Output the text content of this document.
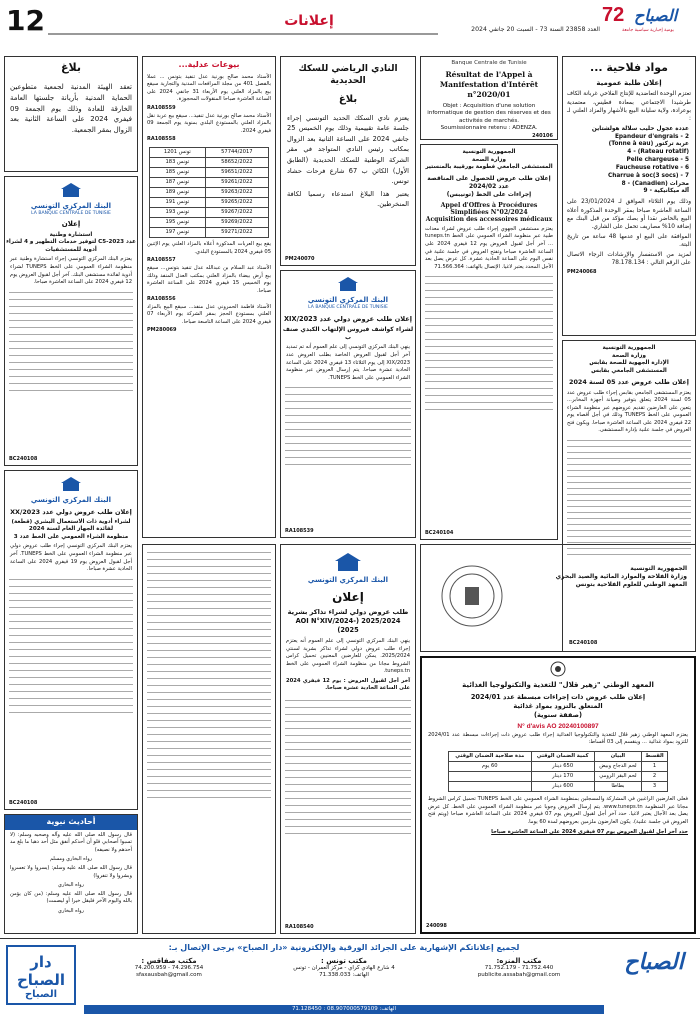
12	إعلانات
العدد 23858 السنة 73 - السبت 20 جانفي 2024
72 الصباح
يومية إخبارية سياسية جامعة
مواد فلاحية ...
إعلان طلبة عمومية
تعتزم الوحدة التعاضدية للإنتاج الفلاحي غربانة الكاف طرشيدا الاجتماعي بمعادة فطيس، معتمدية بوعرادة، ولاية سليانة البيع بالأشهار والمزاد العلني لـ :
عددة عجول حليب سلالة هولشتاين
Epandeur d'engrais - 2
عربة تركتور (Tonne à eau)
(Rateau rotatif) - 4
Pelle chargeuse - 5
Faucheuse rotative - 6
Charrue à soc(3 socs) - 7
محراث (Canadien) - 8
آلة ميكانيكية - 9
وذلك يوم الثلاثاء الموافق لـ 23/01/2024 على الساعة العاشرة صباحا بمقر الوحدة المذكورة أعلاه البيع بالحاضر نقدا أو بصك مؤكد من قبل البنك مع إضافة 10% مصاريف تحمل على الشاري.
الموافقة على البيع او عدمها 48 ساعة من تاريخ البتة.
لمزيد من الاستفسار والإرشادات الرجاء الاتصال على الرقم التالي : 78.178.134
PM240068
الجمهورية التونسية
وزارة الصحة
الإدارة الجهوية للصحة بقابس
المستشفى الجامعي بقابس
إعلان طلب عروض عدد 05 لسنة 2024
يعتزم المستشفى الجامعي بقابس إجراء طلب عروض عدد 05 لسنة 2024 يتعلق بتوفير وصيانة أجهزة المخابر... يتعين على العارضين تقديم عروضهم عبر منظومة الشراء العمومي على الخط TUNEPS وذلك في أجل أقصاه يوم 22 فيفري 2024 على الساعة العاشرة صباحا. ويكون فتح العروض في جلسة علنية بإدارة المستشفى.
BC240108
Banque Centrale de Tunisie
Résultat de l'Appel à Manifestation d'Intérêt n°2020/01
Objet : Acquisition d'une solution informatique de gestion des réserves et des activités de marchés.
Soumissionnaire retenu : ADENZA.
240106
الجمهورية التونسية
وزارة الصحة
المستشفى الجامعي فطومة بورقيبة بالمنستير
إعلان طلب عروض للحصول على المناقصة عدد 2024/02
إجراءات على الخط (تونيبس)
Appel d'Offres à Procédures Simplifiées N°02/2024
Acquisition des accessoires médicaux
يعتزم مستشفى الجهوي إجراء طلب عروض لشراء معدات طبية عبر منظومة الشراء العمومي على الخط tuneps.tn ... آخر أجل لقبول العروض يوم 12 فيفري 2024 على الساعة العاشرة صباحا وتفتح العروض في جلسة علنية في نفس اليوم على الساعة الحادية عشرة. كل عرض يصل بعد الأجل المحدد يعتبر لاغيا. الإتصال بالهاتف: 71.566.364
BC240104
النادي الرياضي للسكك الحديدية
بلاغ
يعتزم نادي السكك الحديد التونسي إجراء جلسة عامة تقييمية وذلك يوم الخميس 25 جانفي 2024 على الساعة الثانية بعد الزوال بمكاتب رئيس النادي المتواجد في مقر الشركة الوطنية للسكك الحديدية (الطابق الأول) الكائن ب 67 شارع فرحات حشاد تونس.
يعتبر هذا البلاغ استدعاء رسميا لكافة المنخرطين.
PM240070
بيوعات عدلية...
الأستاذ محمد صالح بورنية عدل تنفيذ بتونس ... عملا بالفصل 401 من مجلة المرافعات المدنية والتجارية سيقع بيع بالمزاد العلني يوم الأربعاء 31 جانفي 2024 على الساعة العاشرة صباحا المنقولات المحجوزة.
RA108559
الأستاذ محمد صالح بورنية عدل تنفيذ... سيقع بيع عربة نقل بالمزاد العلني بالمستودع البلدي بمنوبة يوم الجمعة 09 فيفري 2024.
RA108558
57744/2017	تونس 1201
58652/2022	تونس 183
59651/2022	تونس 185
59261/2022	تونس 187
59263/2022	تونس 189
59265/2022	تونس 191
59267/2022	تونس 193
59269/2022	تونس 195
59271/2022	تونس 197
يقع بيع العربات المذكورة أعلاه بالمزاد العلني يوم الإثنين 05 فيفري 2024 بالمستودع البلدي.
RA108557
الأستاذ عبد السلام بن عبدالله عدل تنفيذ بتونس... سيقع بيع أرض بيضاء بالمزاد العلني بمكتب العدل المنفذ وذلك يوم الخميس 15 فيفري 2024 على الساعة العاشرة صباحا.
RA108556
الأستاذ فاطمة الحمروني عدل منفذ... سيقع البيع بالمزاد العلني بمستودع الحجز بمقر الشركة يوم الأربعاء 07 فيفري 2024 على الساعة التاسعة صباحا.
PM280069
البنك المركزي التونسي
LA BANQUE CENTRALE DE TUNISIE
إعلان طلب عروض دولي عدد 2023/XIX
لشراء كواشف فيروس الإلتهاب الكبدي صنف ب
ينهي البنك المركزي التونسي إلى علم العموم أنه تم تمديد آخر أجل لقبول العروض الخاصة بطلب العروض عدد 2023/XIX إلى يوم الثلاثاء 13 فيفري 2024 على الساعة الحادية عشرة صباحا. يتم إرسال العروض عبر منظومة الشراء العمومي على الخط TUNEPS.
RA108539
البنك المركزي التونسي
إعلان
طلب عروض دولي لشراء تذاكر بشرية 2025/2024 (AOI N°XIV/2024-2025)
ينهي البنك المركزي التونسي إلى علم العموم أنه يعتزم إجراء طلب عروض دولي لشراء تذاكر بشرية لسنتي 2025/2024. يمكن للعارضين المعنيين تحميل كراس الشروط مجانا من منظومة الشراء العمومي على الخط tuneps.tn.
آخر أجل لقبول العروض : يوم 12 فيفري 2024 على الساعة الحادية عشرة صباحا.
RA108540
بلاغ
تعقد الهيئة المدنية لجمعية متطوعين الحماية المدنية بأريانة جلستها العامة الخارقة للعادة وذلك يوم الجمعة 09 فيفري 2024 على الساعة الثانية بعد الزوال بمقر الجمعية.
البنك المركزي التونسي
LA BANQUE CENTRALE DE TUNISIE
إعلان
استشارة وطنية
عدد C5-2023 لتوفير خدمات التطهير و 4 لشراء أدوية للمستشفيات
يعتزم البنك المركزي التونسي إجراء استشارة وطنية عبر منظومة الشراء العمومي على الخط TUNEPS لشراء أدوية لفائدة مستشفى البنك. آخر أجل لقبول العروض يوم 12 فيفري 2024 على الساعة العاشرة صباحا.
BC240108
البنك المركزي التونسي
إعلان طلب عروض دولي عدد 2023/XX
لشراء أدوية ذات الاستعمال البشري (قطعة) لفائدة الجهاز العام لسنة 2024
منظومة الشراء العمومي على الخط عدد 3
يعتزم البنك المركزي التونسي إجراء طلب عروض دولي عبر منظومة الشراء العمومي على الخط TUNEPS. آخر أجل لقبول العروض يوم 19 فيفري 2024 على الساعة الحادية عشرة صباحا.
BC240108
أحاديث نبوية
قال رسول الله صلى الله عليه وآله وصحبه وسلم: (لا تسبوا أصحابي فلو أن أحدكم أنفق مثل أحد ذهبا ما بلغ مد أحدهم ولا نصيفه)
رواه البخاري ومسلم
قال رسول الله صلى الله عليه وسلم: (يسروا ولا تعسروا وبشروا ولا تنفروا)
رواه البخاري
قال رسول الله صلى الله عليه وسلم: (من كان يؤمن بالله واليوم الآخر فليقل خيرا أو ليصمت)
رواه البخاري
المعهد الوطني "زهير قلال" للتغذية والتكنولوجيا الغذائية
إعلان طلب عروض ذات إجراءات مبسطة عدد 2024/01
المتعلق بالتزود بمواد غذائية
(صفقة سنوية)
N° d'avis AO 20240100897
يعتزم المعهد الوطني زهير قلال للتغذية والتكنولوجيا الغذائية إجراء طلب عروض ذات إجراءات مبسطة عدد 2024/01 للتزود بمواد غذائية ... وينقسم إلى 03 أقساط:
القسط	البيان	كمية الضمان الوقتي	مدة صلاحية الضمان الوقتي
1	لحم الدجاج وبيض	650 دينار	60 يوم
2	لحم البقر الرومي	170 دينار	
3	بطاطا	600 دينار	
فعلى العارضين الراغبين في المشاركة والمسجلين بمنظومة الشراء العمومي على الخط TUNEPS تحميل كراس الشروط مجانا عبر المنظومة www.tuneps.tn. يتم إرسال العروض وجوبا عبر منظومة الشراء العمومي على الخط. كل عرض يصل بعد الآجال يعتبر لاغيا. حدد آخر أجل لقبول العروض يوم 07 فيفري 2024 على الساعة العاشرة صباحا (ويتم فتح العروض في جلسة علنية). يكون العارضون ملزمين بعروضهم لمدة 60 يوما.
حدد آخر أجل لقبول العروض يوم 07 فيفري 2024 على الساعة العاشرة صباحا
240098
الجمهورية التونسية
وزارة الفلاحة والموارد المائية والصيد البحري
المعهد الوطني للعلوم الفلاحية بتونس
دار الصباح
الصباح
لجميع إعلاناتكم الإشهارية على الجرائد الورقية والإلكترونية «دار الصباح» يرجى الإتصال بـ:
مكتب المنزه:
71.752.440 - 71.752.179
publicite.assabah@gmail.com
مكتب تونس :
4 شارع الهادي كراي - مركز العمران - تونس
الهاتف: 71.338.033
مكتب صفاقس :
74.296.754 - 74.200.959
sfaxausbah@gmail.com
الهاتف: 08.907000579109 : 71.128450
الصباح
